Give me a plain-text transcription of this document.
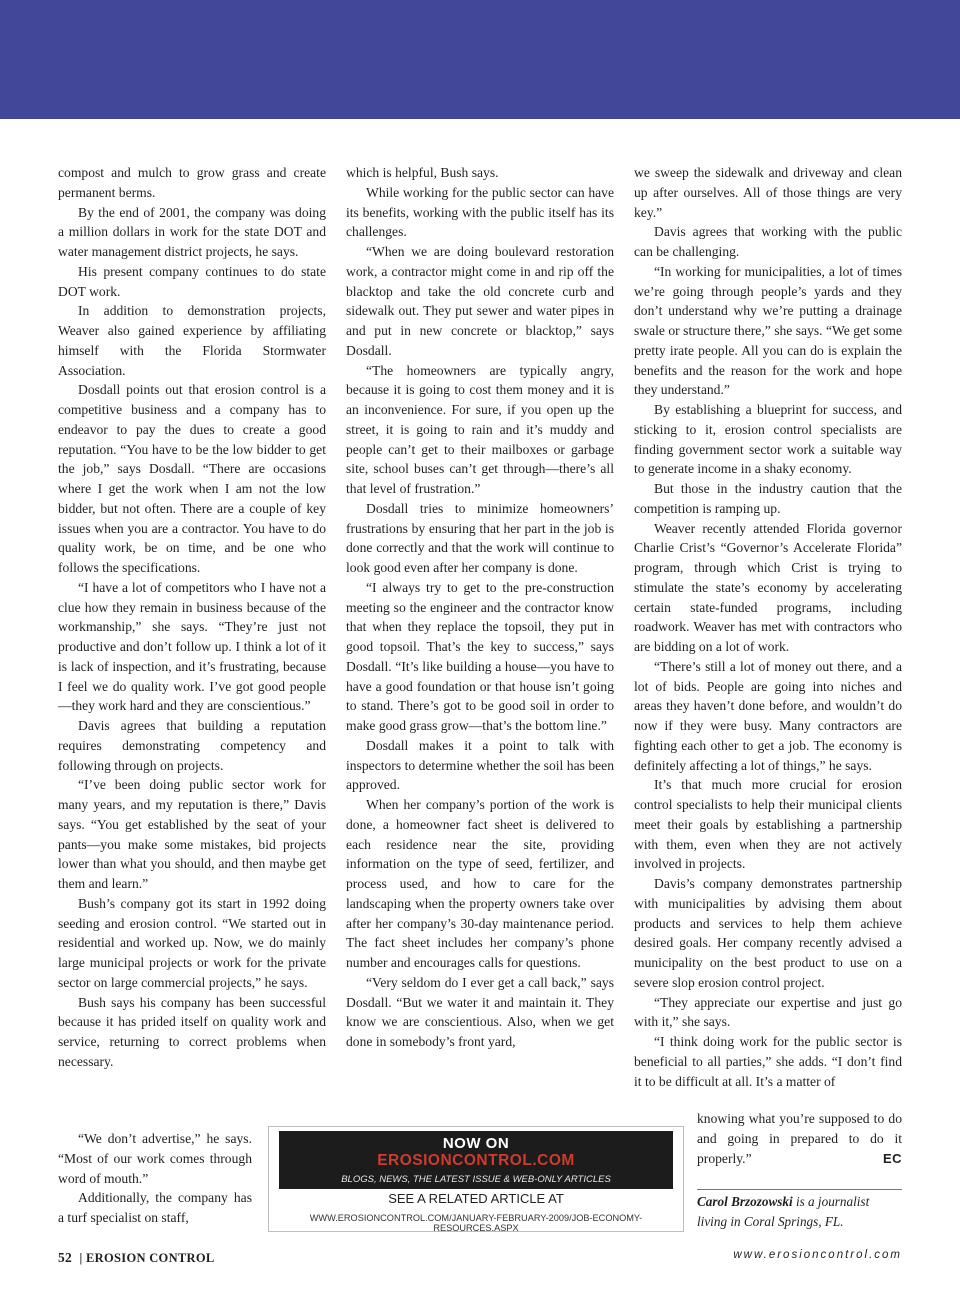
compost and mulch to grow grass and create permanent berms.

By the end of 2001, the company was doing a million dollars in work for the state DOT and water management district projects, he says.

His present company continues to do state DOT work.

In addition to demonstration projects, Weaver also gained experience by affiliating himself with the Florida Stormwater Association.

Dosdall points out that erosion control is a competitive business and a company has to endeavor to pay the dues to create a good reputation. “You have to be the low bidder to get the job,” says Dosdall. “There are occasions where I get the work when I am not the low bidder, but not often. There are a couple of key issues when you are a contractor. You have to do quality work, be on time, and be one who follows the specifications.

“I have a lot of competitors who I have not a clue how they remain in business because of the workmanship,” she says. “They’re just not productive and don’t follow up. I think a lot of it is lack of inspection, and it’s frustrating, because I feel we do quality work. I’ve got good people—they work hard and they are conscientious.”

Davis agrees that building a reputation requires demonstrating competency and following through on projects.

“I’ve been doing public sector work for many years, and my reputation is there,” Davis says. “You get established by the seat of your pants—you make some mistakes, bid projects lower than what you should, and then maybe get them and learn.”

Bush’s company got its start in 1992 doing seeding and erosion control. “We started out in residential and worked up. Now, we do mainly large municipal projects or work for the private sector on large commercial projects,” he says.

Bush says his company has been successful because it has prided itself on quality work and service, returning to correct problems when necessary.

“We don’t advertise,” he says. “Most of our work comes through word of mouth.”

Additionally, the company has a turf specialist on staff,

which is helpful, Bush says.

While working for the public sector can have its benefits, working with the public itself has its challenges.

“When we are doing boulevard restoration work, a contractor might come in and rip off the blacktop and take the old concrete curb and sidewalk out. They put sewer and water pipes in and put in new concrete or blacktop,” says Dosdall.

“The homeowners are typically angry, because it is going to cost them money and it is an inconvenience. For sure, if you open up the street, it is going to rain and it’s muddy and people can’t get to their mailboxes or garbage site, school buses can’t get through—there’s all that level of frustration.”

Dosdall tries to minimize homeowners’ frustrations by ensuring that her part in the job is done correctly and that the work will continue to look good even after her company is done.

“I always try to get to the pre-construction meeting so the engineer and the contractor know that when they replace the topsoil, they put in good topsoil. That’s the key to success,” says Dosdall. “It’s like building a house—you have to have a good foundation or that house isn’t going to stand. There’s got to be good soil in order to make good grass grow—that’s the bottom line.”

Dosdall makes it a point to talk with inspectors to determine whether the soil has been approved.

When her company’s portion of the work is done, a homeowner fact sheet is delivered to each residence near the site, providing information on the type of seed, fertilizer, and process used, and how to care for the landscaping when the property owners take over after her company’s 30-day maintenance period. The fact sheet includes her company’s phone number and encourages calls for questions.

“Very seldom do I ever get a call back,” says Dosdall. “But we water it and maintain it. They know we are conscientious. Also, when we get done in somebody’s front yard,

we sweep the sidewalk and driveway and clean up after ourselves. All of those things are very key.”

Davis agrees that working with the public can be challenging.

“In working for municipalities, a lot of times we’re going through people’s yards and they don’t understand why we’re putting a drainage swale or structure there,” she says. “We get some pretty irate people. All you can do is explain the benefits and the reason for the work and hope they understand.”

By establishing a blueprint for success, and sticking to it, erosion control specialists are finding government sector work a suitable way to generate income in a shaky economy.

But those in the industry caution that the competition is ramping up.

Weaver recently attended Florida governor Charlie Crist’s “Governor’s Accelerate Florida” program, through which Crist is trying to stimulate the state’s economy by accelerating certain state-funded programs, including roadwork. Weaver has met with contractors who are bidding on a lot of work.

“There’s still a lot of money out there, and a lot of bids. People are going into niches and areas they haven’t done before, and wouldn’t do now if they were busy. Many contractors are fighting each other to get a job. The economy is definitely affecting a lot of things,” he says.

It’s that much more crucial for erosion control specialists to help their municipal clients meet their goals by establishing a partnership with them, even when they are not actively involved in projects.

Davis’s company demonstrates partnership with municipalities by advising them about products and services to help them achieve desired goals. Her company recently advised a municipality on the best product to use on a severe slop erosion control project.

“They appreciate our expertise and just go with it,” she says.

“I think doing work for the public sector is beneficial to all parties,” she adds. “I don’t find it to be difficult at all. It’s a matter of

knowing what you’re supposed to do and going in prepared to do it properly.”	EC

NOW ON
EROSIONCONTROL.COM
BLOGS, NEWS, THE LATEST ISSUE & WEB-ONLY ARTICLES
SEE A RELATED ARTICLE AT
WWW.EROSIONCONTROL.COM/JANUARY-FEBRUARY-2009/JOB-ECONOMY-RESOURCES.ASPX
Carol Brzozowski is a journalist living in Coral Springs, FL.
52 | EROSION CONTROL	www.erosioncontrol.com
